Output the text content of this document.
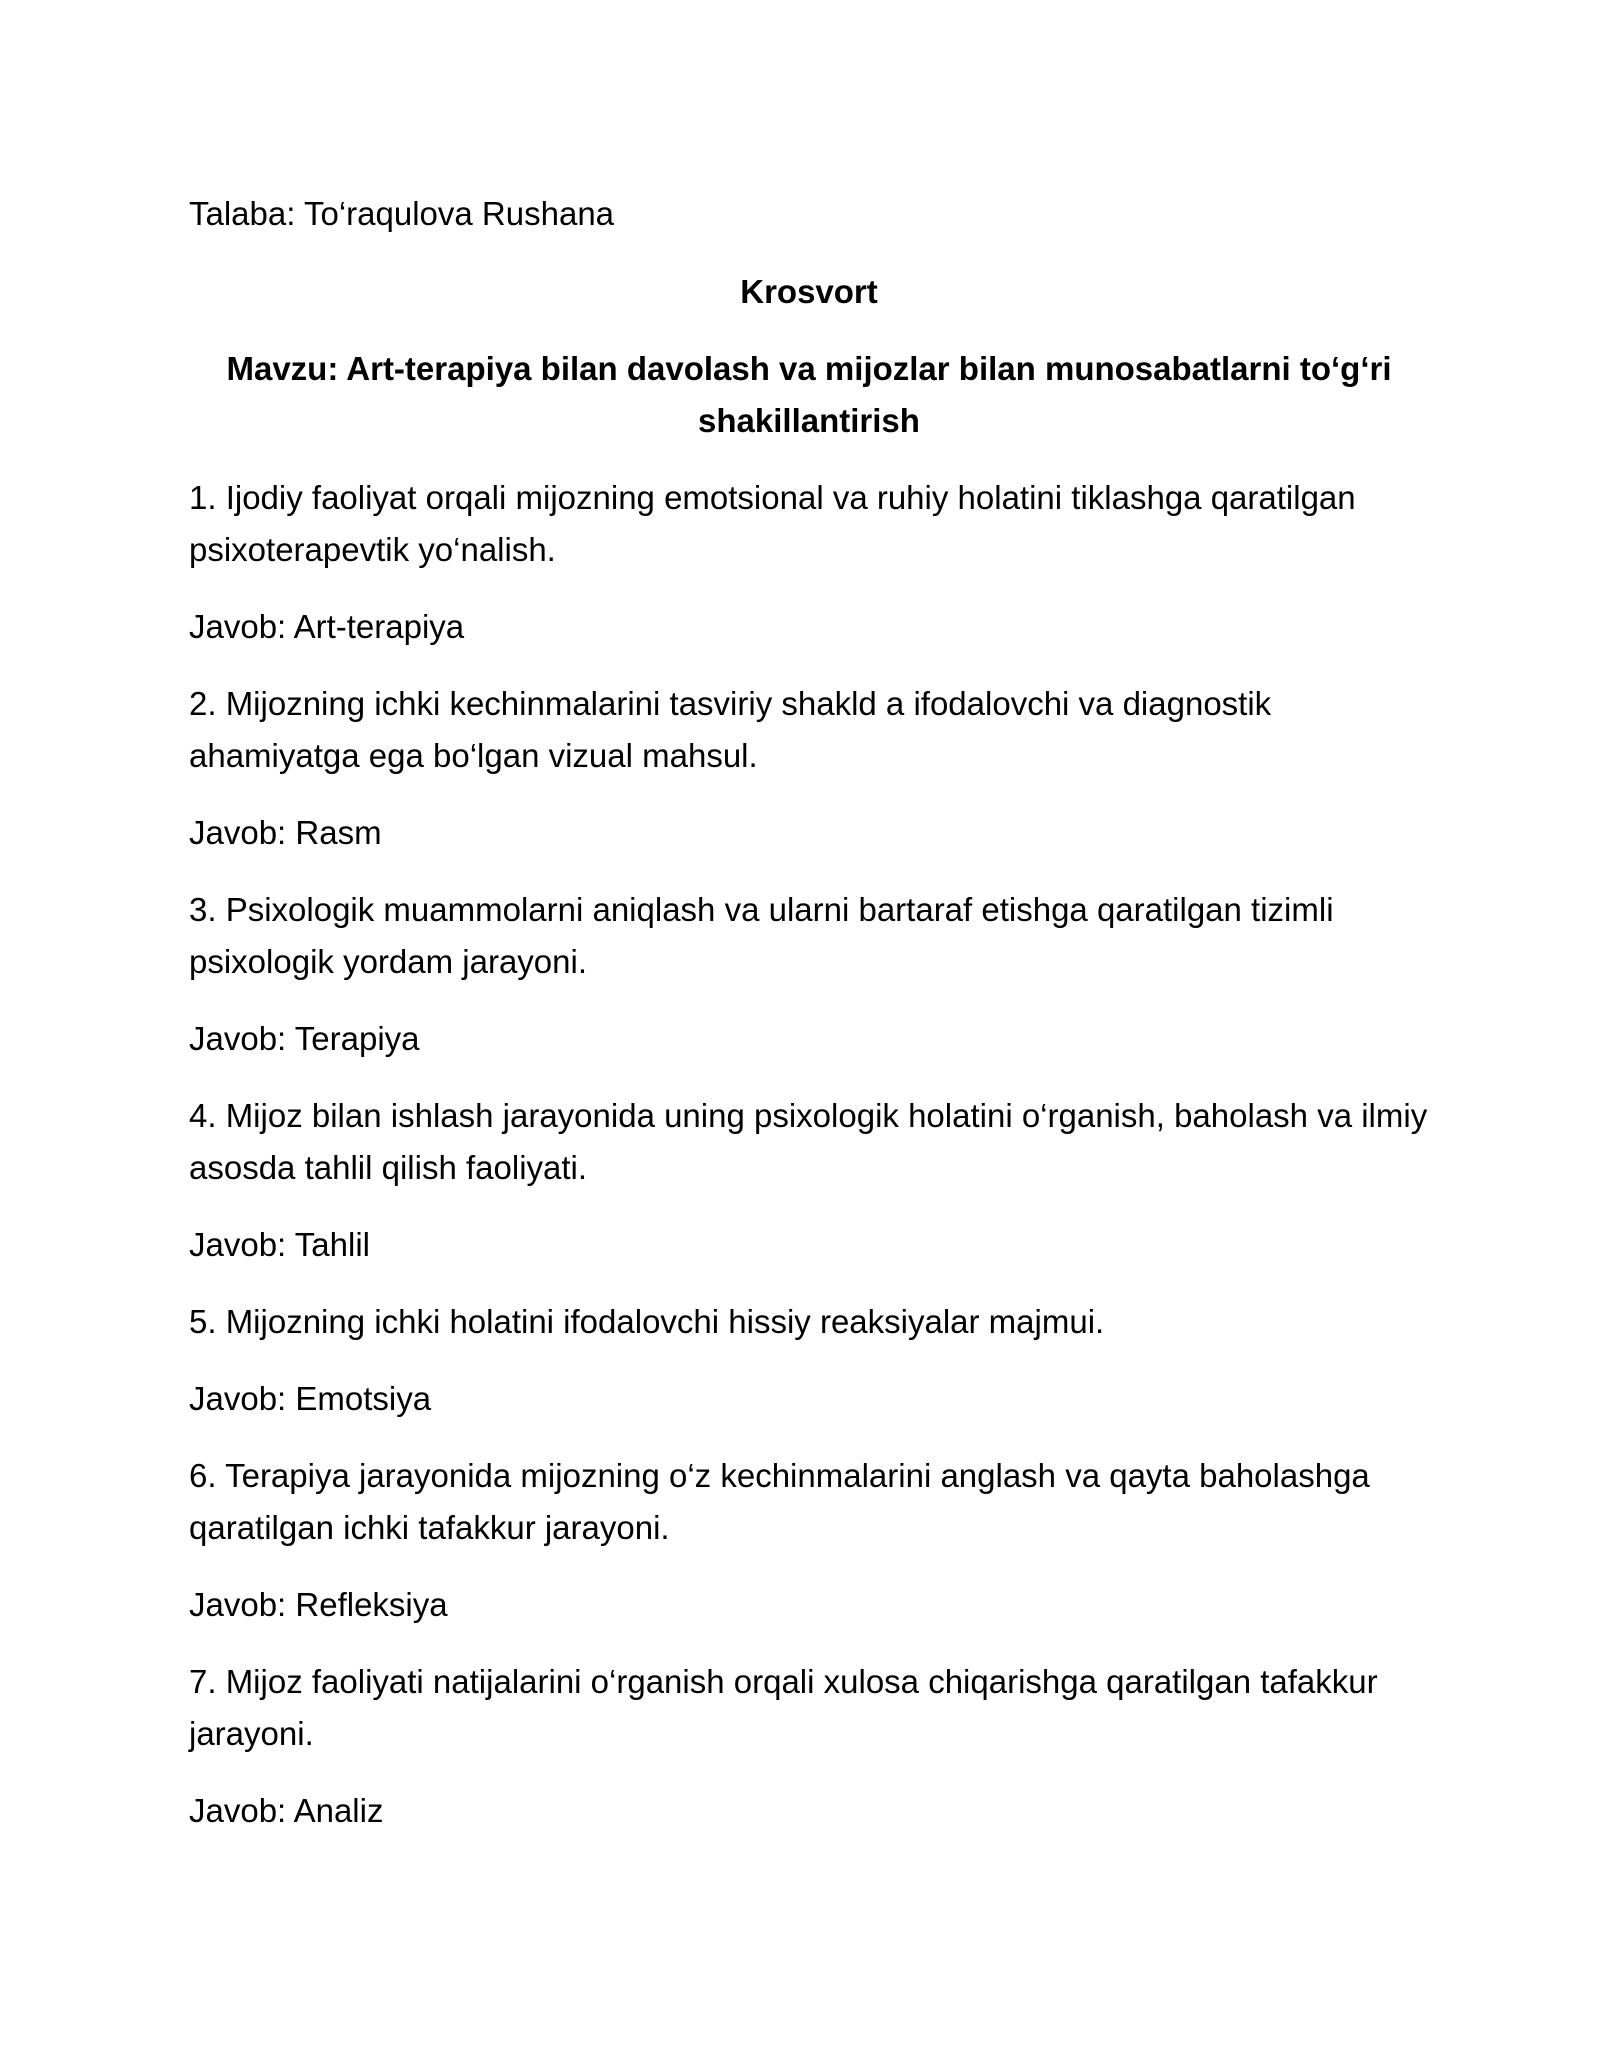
Talaba: To‘raqulova Rushana

Krosvort

Mavzu: Art-terapiya bilan davolash va mijozlar bilan munosabatlarni to‘g‘ri shakillantirish

1. Ijodiy faoliyat orqali mijozning emotsional va ruhiy holatini tiklashga qaratilgan psixoterapevtik yo‘nalish.

Javob: Art-terapiya

2. Mijozning ichki kechinmalarini tasviriy shakld a ifodalovchi va diagnostik ahamiyatga ega bo‘lgan vizual mahsul.

Javob: Rasm

3. Psixologik muammolarni aniqlash va ularni bartaraf etishga qaratilgan tizimli psixologik yordam jarayoni.

Javob: Terapiya

4. Mijoz bilan ishlash jarayonida uning psixologik holatini o‘rganish, baholash va ilmiy asosda tahlil qilish faoliyati.

Javob: Tahlil

5. Mijozning ichki holatini ifodalovchi hissiy reaksiyalar majmui.

Javob: Emotsiya

6. Terapiya jarayonida mijozning o‘z kechinmalarini anglash va qayta baholashga qaratilgan ichki tafakkur jarayoni.

Javob: Refleksiya

7. Mijoz faoliyati natijalarini o‘rganish orqali xulosa chiqarishga qaratilgan tafakkur jarayoni.

Javob: Analiz
